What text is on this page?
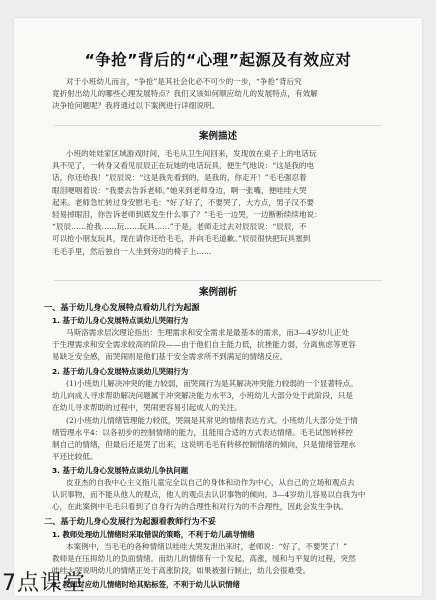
“争抢”背后的“心理”起源及有效应对
对于小班幼儿而言，“争抢”是其社会化必不可少的一步，“争抢”背后究
竟折射出幼儿的哪些心理发展特点？我们又该如何顺应幼儿的发展特点，有效解
决争抢问题呢？我将通过以下案例进行详细说明。
案例描述
小班的娃娃家区域游戏时间，毛毛从卫生间回来，发现放在桌子上的电话玩
具不见了，一转身又看见辰辰正在玩她的电话玩具，便生气地说：“这是我的电
话，你还给我！”辰辰说：“这是我先看到的，是我的，你走开！”毛毛强忍着
眼泪哽咽着说：“我要去告诉老师。”她来到老师身边，啊一张嘴，便哇哇大哭
起来。老师急忙转过身安慰毛毛：“好了好了，不要哭了，大方点，男子汉不要
轻易掉眼泪，你告诉老师到底发生什么事了？”毛毛一边哭，一边断断续续地说：
“辰辰……抢我……玩……玩具……”于是，老师走过去对辰辰说：“辰辰，不
可以抢小朋友玩具，现在请你还给毛毛，并向毛毛道歉。”辰辰很快把玩具塞到
毛毛手里，然后独自一人坐到旁边的椅子上……
案例剖析
一、基于幼儿身心发展特点看幼儿行为起源
1. 基于幼儿身心发展特点谈幼儿哭闹行为
马斯洛需求层次理论指出：生理需求和安全需求是最基本的需求，而3—4岁幼儿正处
于生理需求和安全需求较高的阶段——由于他们自主能力低，抗挫能力弱，分离焦虑等更容
易缺乏安全感，而哭闹则是他们基于安全需求所不到满足的情绪反应。
2. 基于幼儿身心发展特点谈幼儿哭闹行为
(1)小班幼儿解决冲突的能力较弱，而哭闹行为是其解决冲突能力较弱的一个显著特点。
幼儿向成人寻求帮助解决问题属于冲突解决能力水平3，小班幼儿大部分处于此阶段，只是
在幼儿寻求帮助的过程中，哭闹更容易引起成人的关注。
(2)小班幼儿情绪管理能力较低，哭闹是其常见的情绪表达方式。小班幼儿大部分处于情
绪管理水平4：以各初步的控制情绪的能力，且能用合适的方式表达情绪。毛毛试图转移控
制自己的情绪，但最后还是哭了出来，这说明毛毛有转移控制情绪的倾向，只是情绪管理水
平还比较低。
3. 基于幼儿身心发展特点谈幼儿争执问题
皮亚杰的自我中心主义指儿童完全以自己的身体和动作为中心，从自己的立场和观点去
认识事物，而不能从他人的观点，他人的观点去认识事物的倾向。3—4岁幼儿容易以自我为中
心，在此案例中毛毛只看到了自身行为的合理性和对行为的不合理性，因此会发生争执。
二、基于幼儿身心发展行为起源看教师行为不妥
1. 教师处理幼儿情绪时采取错误的策略，不利于幼儿疏导情绪
本案例中，当毛毛的各种情绪以哇哇大哭发泄出来时，老师说：“好了，不要哭了！”
教师是在压抑幼儿的负面情绪。而幼儿的情绪有一个发起，高涨，缓和与平复的过程，突然
哇哇大哭说明幼儿的情绪正处于高涨阶段，如果被强行制止，幼儿会很难受。
2. 教师对应幼儿情绪时给其贴标签，不利于幼儿认识情绪
7点课堂
